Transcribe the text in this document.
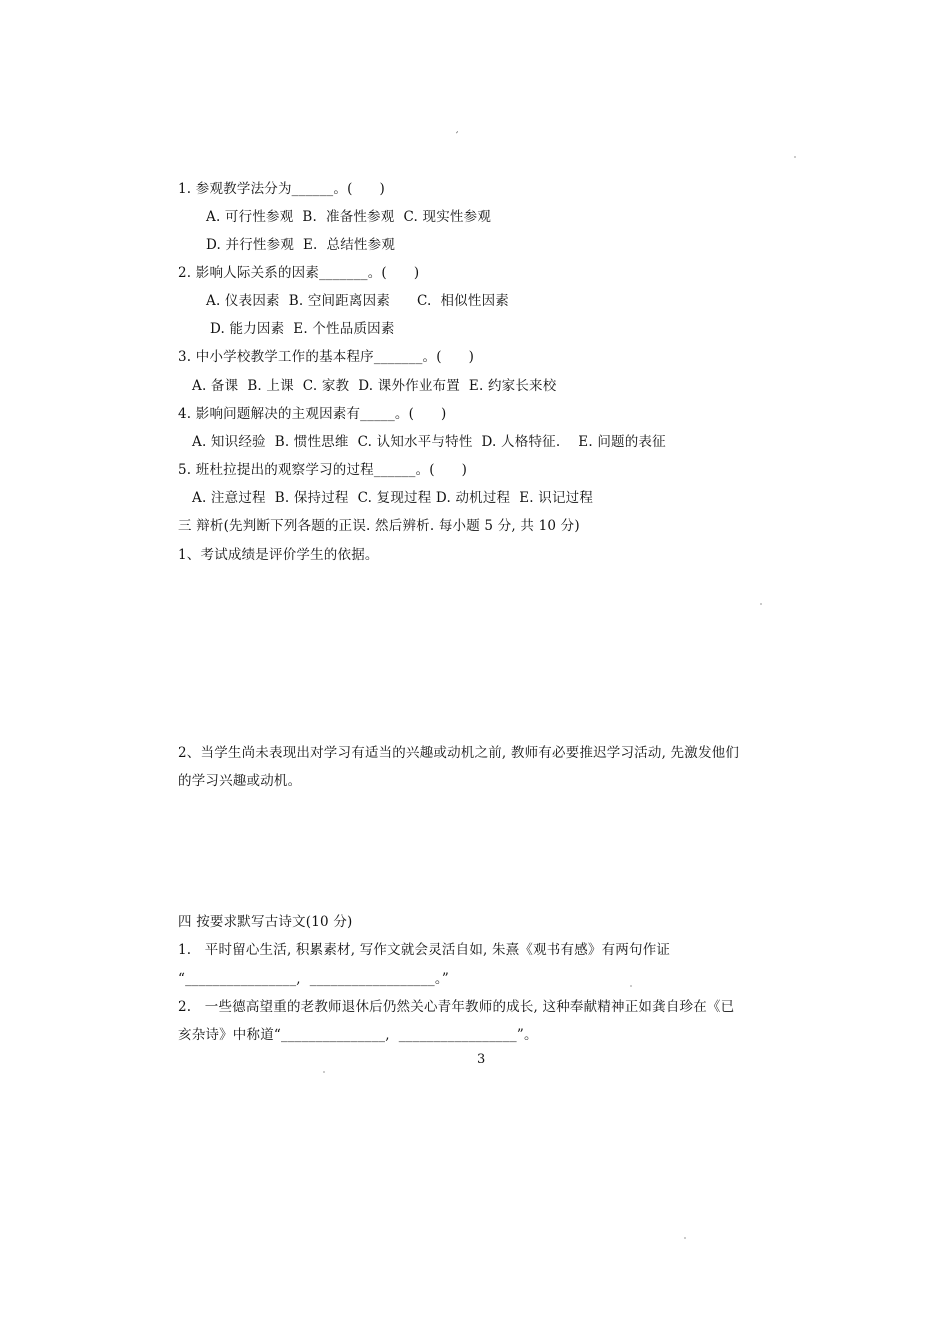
′
1. 参观教学法分为______。(      )
A. 可行性参观  B.  准备性参观  C. 现实性参观
D. 并行性参观  E.  总结性参观
2. 影响人际关系的因素_______。(      )
A. 仪表因素  B. 空间距离因素      C.  相似性因素
D. 能力因素  E. 个性品质因素
3. 中小学校教学工作的基本程序_______。(      )
A. 备课  B. 上课  C. 家教  D. 课外作业布置  E. 约家长来校
4. 影响问题解决的主观因素有_____。(      )
A. 知识经验  B. 惯性思维  C. 认知水平与特性  D. 人格特征.    E. 问题的表征
5. 班杜拉提出的观察学习的过程______。(      )
A. 注意过程  B. 保持过程  C. 复现过程 D. 动机过程  E. 识记过程
三 辩析(先判断下列各题的正误. 然后辨析. 每小题 5 分, 共 10 分)
1、考试成绩是评价学生的依据。
2、当学生尚未表现出对学习有适当的兴趣或动机之前, 教师有必要推迟学习活动, 先激发他们
的学习兴趣或动机。
四 按要求默写古诗文(10 分)
1.   平时留心生活, 积累素材, 写作文就会灵活自如, 朱熹《观书有感》有两句作证
“________________,  __________________。”
2.   一些德高望重的老教师退休后仍然关心青年教师的成长, 这种奉献精神正如龚自珍在《已
亥杂诗》中称道“_______________,  _________________”。
3
